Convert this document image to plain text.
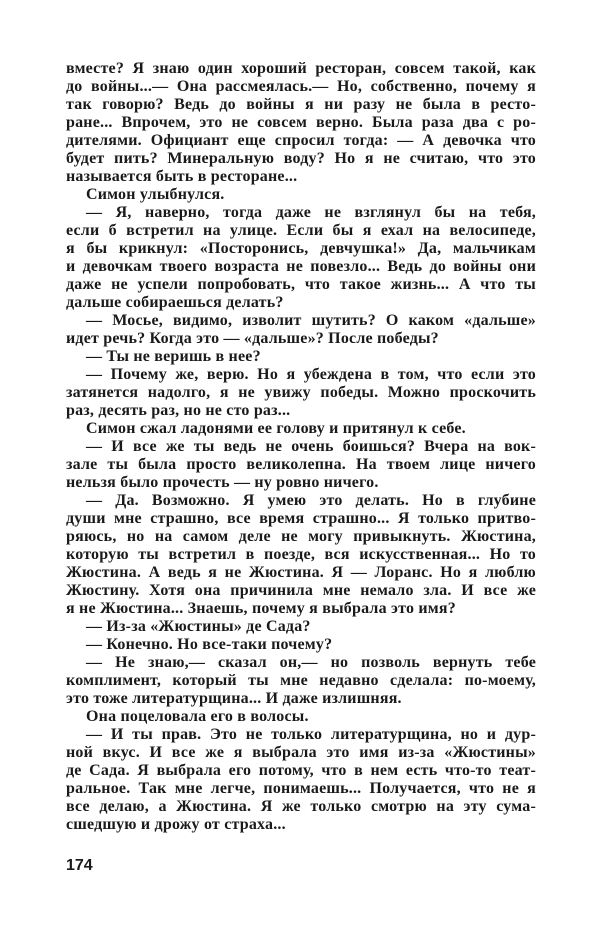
вместе? Я знаю один хороший ресторан, совсем такой, как
до войны...— Она рассмеялась.— Но, собственно, почему я
так говорю? Ведь до войны я ни разу не была в ресто-
ране... Впрочем, это не совсем верно. Была раза два с ро-
дителями. Официант еще спросил тогда: — А девочка что
будет пить? Минеральную воду? Но я не считаю, что это
называется быть в ресторане...
Симон улыбнулся.
— Я, наверно, тогда даже не взглянул бы на тебя,
если б встретил на улице. Если бы я ехал на велосипеде,
я бы крикнул: «Посторонись, девчушка!» Да, мальчикам
и девочкам твоего возраста не повезло... Ведь до войны они
даже не успели попробовать, что такое жизнь... А что ты
дальше собираешься делать?
— Мосье, видимо, изволит шутить? О каком «дальше»
идет речь? Когда это — «дальше»? После победы?
— Ты не веришь в нее?
— Почему же, верю. Но я убеждена в том, что если это
затянется надолго, я не увижу победы. Можно проскочить
раз, десять раз, но не сто раз...
Симон сжал ладонями ее голову и притянул к себе.
— И все же ты ведь не очень боишься? Вчера на вок-
зале ты была просто великолепна. На твоем лице ничего
нельзя было прочесть — ну ровно ничего.
— Да. Возможно. Я умею это делать. Но в глубине
души мне страшно, все время страшно... Я только притво-
ряюсь, но на самом деле не могу привыкнуть. Жюстина,
которую ты встретил в поезде, вся искусственная... Но то
Жюстина. А ведь я не Жюстина. Я — Лоранс. Но я люблю
Жюстину. Хотя она причинила мне немало зла. И все же
я не Жюстина... Знаешь, почему я выбрала это имя?
— Из-за «Жюстины» де Сада?
— Конечно. Но все-таки почему?
— Не знаю,— сказал он,— но позволь вернуть тебе
комплимент, который ты мне недавно сделала: по-моему,
это тоже литературщина... И даже излишняя.
Она поцеловала его в волосы.
— И ты прав. Это не только литературщина, но и дур-
ной вкус. И все же я выбрала это имя из-за «Жюстины»
де Сада. Я выбрала его потому, что в нем есть что-то теат-
ральное. Так мне легче, понимаешь... Получается, что не я
все делаю, а Жюстина. Я же только смотрю на эту сума-
сшедшую и дрожу от страха...
174
